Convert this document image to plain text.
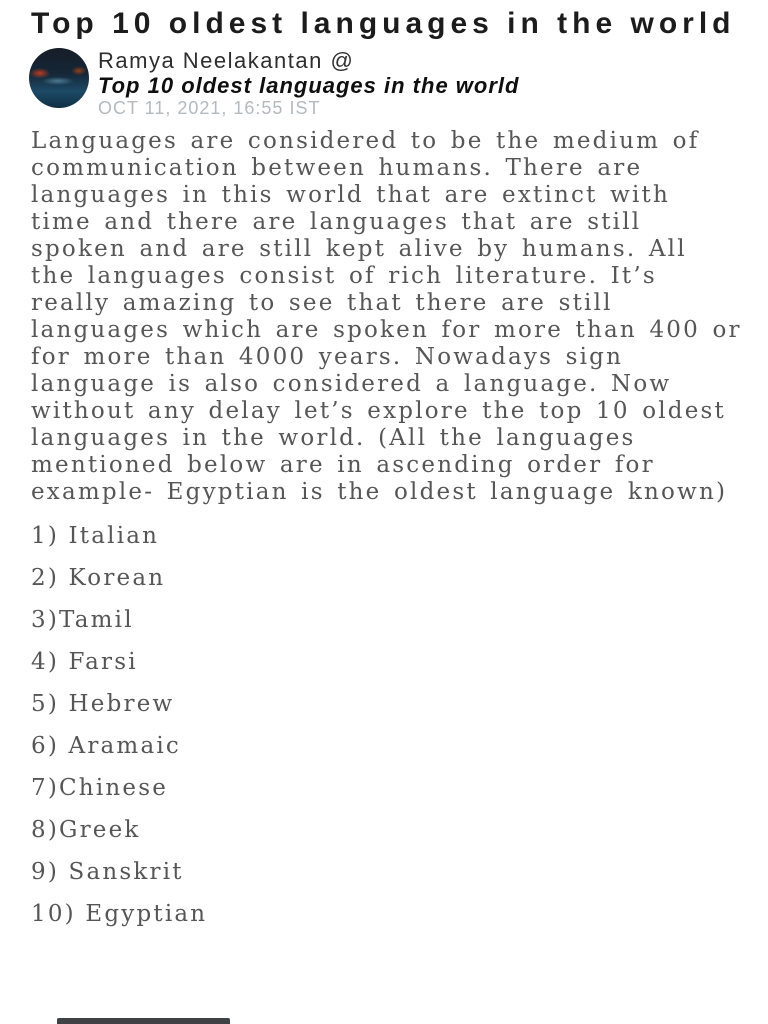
Top 10 oldest languages in the world
Ramya Neelakantan @
Top 10 oldest languages in the world
OCT 11, 2021, 16:55 IST

Languages are considered to be the medium of communication between humans. There are languages in this world that are extinct with time and there are languages that are still spoken and are still kept alive by humans. All the languages consist of rich literature. It’s really amazing to see that there are still languages which are spoken for more than 400 or for more than 4000 years. Nowadays sign language is also considered a language. Now without any delay let’s explore the top 10 oldest languages in the world. (All the languages mentioned below are in ascending order for example- Egyptian is the oldest language known)

1) Italian

2) Korean

3)Tamil

4) Farsi

5) Hebrew

6) Aramaic

7)Chinese

8)Greek

9) Sanskrit

10) Egyptian
